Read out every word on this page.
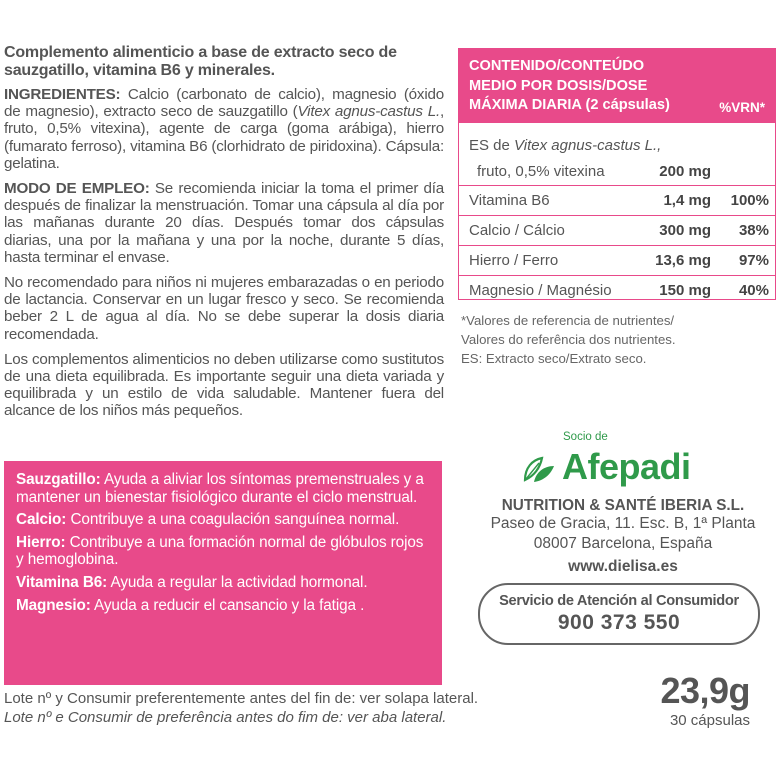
Complemento alimenticio a base de extracto seco de sauzgatillo, vitamina B6 y minerales.

INGREDIENTES: Calcio (carbonato de calcio), magnesio (óxido de magnesio), extracto seco de sauzgatillo (Vitex agnus-castus L., fruto, 0,5% vitexina), agente de carga (goma arábiga), hierro (fumarato ferroso), vitamina B6 (clorhidrato de piridoxina). Cápsula: gelatina.

MODO DE EMPLEO: Se recomienda iniciar la toma el primer día después de finalizar la menstruación. Tomar una cápsula al día por las mañanas durante 20 días. Después tomar dos cápsulas diarias, una por la mañana y una por la noche, durante 5 días, hasta terminar el envase.

No recomendado para niños ni mujeres embarazadas o en periodo de lactancia. Conservar en un lugar fresco y seco. Se recomienda beber 2 L de agua al día. No se debe superar la dosis diaria recomendada.

Los complementos alimenticios no deben utilizarse como sustitutos de una dieta equilibrada. Es importante seguir una dieta variada y equilibrada y un estilo de vida saludable. Mantener fuera del alcance de los niños más pequeños.

Sauzgatillo: Ayuda a aliviar los síntomas premenstruales y a mantener un bienestar fisiológico durante el ciclo menstrual.
Calcio: Contribuye a una coagulación sanguínea normal.
Hierro: Contribuye a una formación normal de glóbulos rojos y hemoglobina.
Vitamina B6: Ayuda a regular la actividad hormonal.
Magnesio: Ayuda a reducir el cansancio y la fatiga .
Lote nº y Consumir preferentemente antes del fin de: ver solapa lateral.
Lote nº e Consumir de preferência antes do fim de: ver aba lateral.
CONTENIDO/CONTEÚDO
MEDIO POR DOSIS/DOSE
MÁXIMA DIARIA (2 cápsulas)	%VRN*
ES de Vitex agnus-castus L.,
fruto, 0,5% vitexina	200 mg
Vitamina B6	1,4 mg 100%
Calcio / Cálcio	300 mg 38%
Hierro / Ferro	13,6 mg 97%
Magnesio / Magnésio	150 mg 40%
*Valores de referencia de nutrientes/
Valores do referência dos nutrientes.
ES: Extracto seco/Extrato seco.
Socio de
Afepadi
NUTRITION & SANTÉ IBERIA S.L.
Paseo de Gracia, 11. Esc. B, 1ª Planta
08007 Barcelona, España
www.dielisa.es
Servicio de Atención al Consumidor
900 373 550
23,9g
30 cápsulas
